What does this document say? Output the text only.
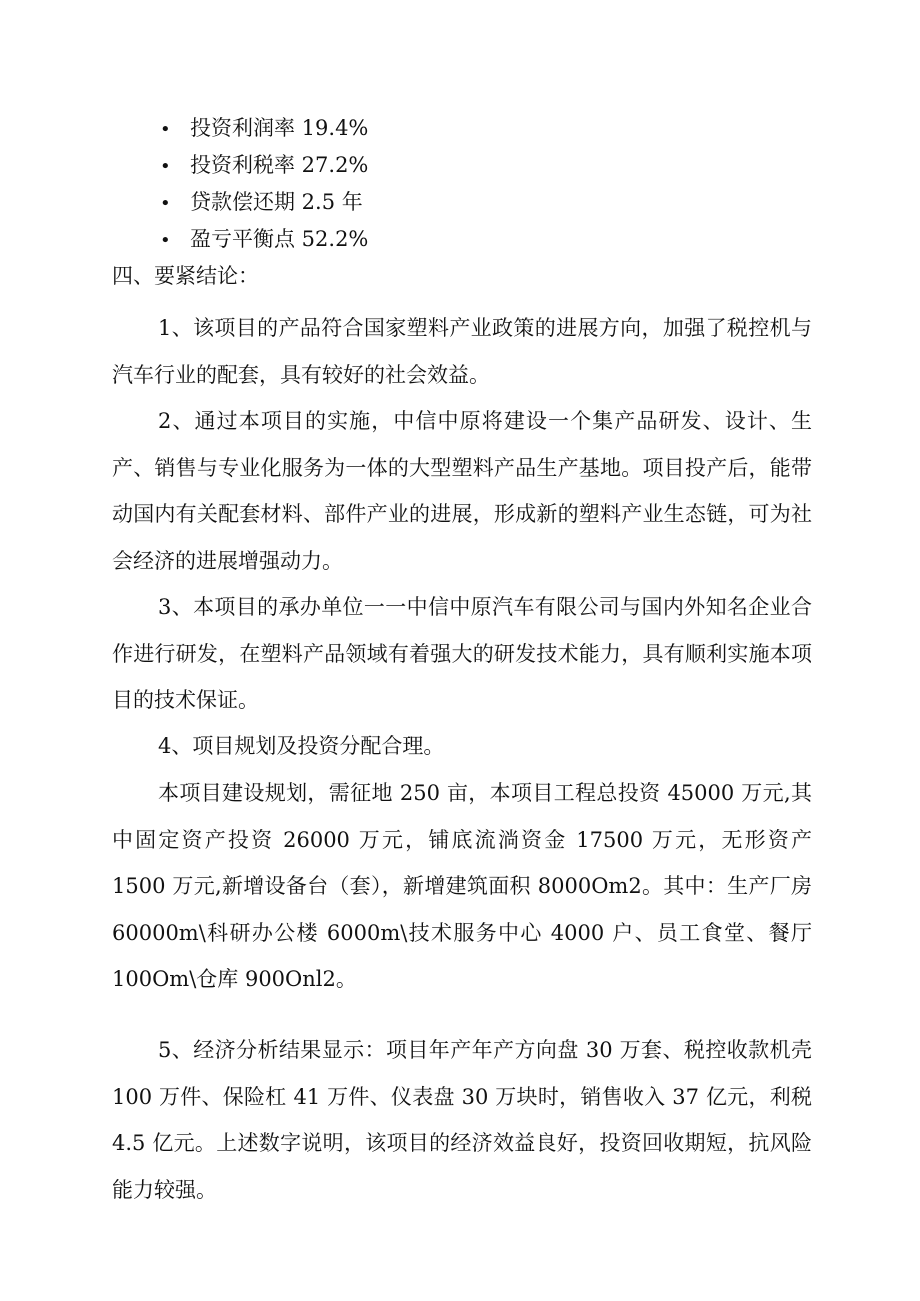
• 投资利润率 19.4%
• 投资利税率 27.2%
• 贷款偿还期 2.5 年
• 盈亏平衡点 52.2%

四、要紧结论：

1、该项目的产品符合国家塑料产业政策的进展方向，加强了税控机与汽车行业的配套，具有较好的社会效益。

2、通过本项目的实施，中信中原将建设一个集产品研发、设计、生产、销售与专业化服务为一体的大型塑料产品生产基地。项目投产后，能带动国内有关配套材料、部件产业的进展，形成新的塑料产业生态链，可为社会经济的进展增强动力。

3、本项目的承办单位一一中信中原汽车有限公司与国内外知名企业合作进行研发，在塑料产品领域有着强大的研发技术能力，具有顺利实施本项目的技术保证。

4、项目规划及投资分配合理。

本项目建设规划，需征地 250 亩，本项目工程总投资 45000 万元,其中固定资产投资 26000 万元，铺底流淌资金 17500 万元，无形资产 1500 万元,新增设备台（套），新增建筑面积 8000Om2。其中：生产厂房 60000m\科研办公楼 6000m\技术服务中心 4000 户、员工食堂、餐厅 100Om\仓库 900Onl2。

5、经济分析结果显示：项目年产年产方向盘 30 万套、税控收款机壳 100 万件、保险杠 41 万件、仪表盘 30 万块时，销售收入 37 亿元，利税 4.5 亿元。上述数字说明，该项目的经济效益良好，投资回收期短，抗风险能力较强。
